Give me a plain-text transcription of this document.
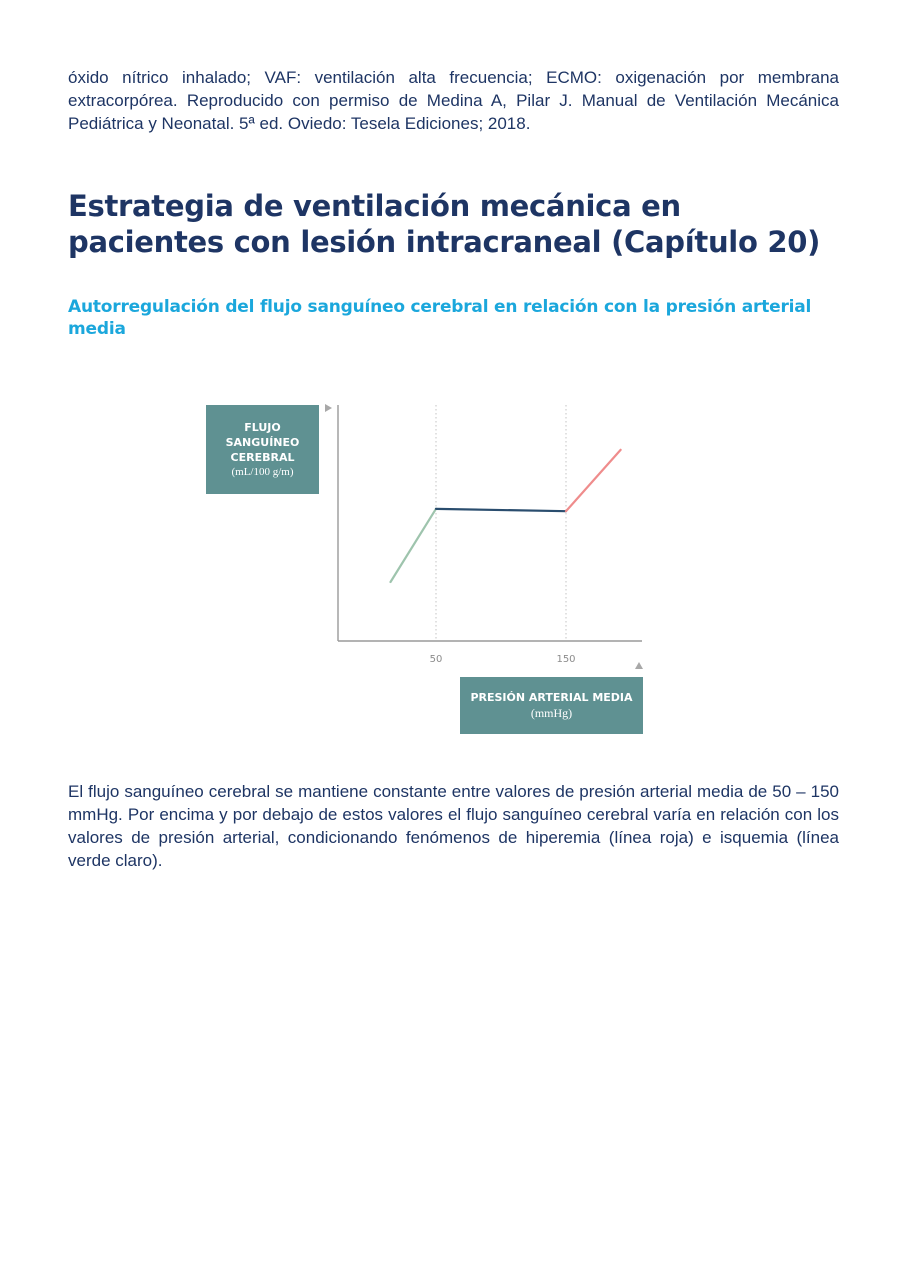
óxido nítrico inhalado; VAF: ventilación alta frecuencia; ECMO: oxigenación por membrana extracorpórea. Reproducido con permiso de Medina A, Pilar J. Manual de Ventilación Mecánica Pediátrica y Neonatal. 5ª ed. Oviedo: Tesela Ediciones; 2018.

Estrategia de ventilación mecánica en pacientes con lesión intracraneal (Capítulo 20)
Autorregulación del flujo sanguíneo cerebral en relación con la presión arterial media
50	150
FLUJO SANGUÍNEO CEREBRAL
(mL/100 g/m)
PRESIÓN ARTERIAL MEDIA
(mmHg)

El flujo sanguíneo cerebral se mantiene constante entre valores de presión arterial media de 50 – 150 mmHg. Por encima y por debajo de estos valores el flujo sanguíneo cerebral varía en relación con los valores de presión arterial, condicionando fenómenos de hiperemia (línea roja) e isquemia (línea verde claro).
